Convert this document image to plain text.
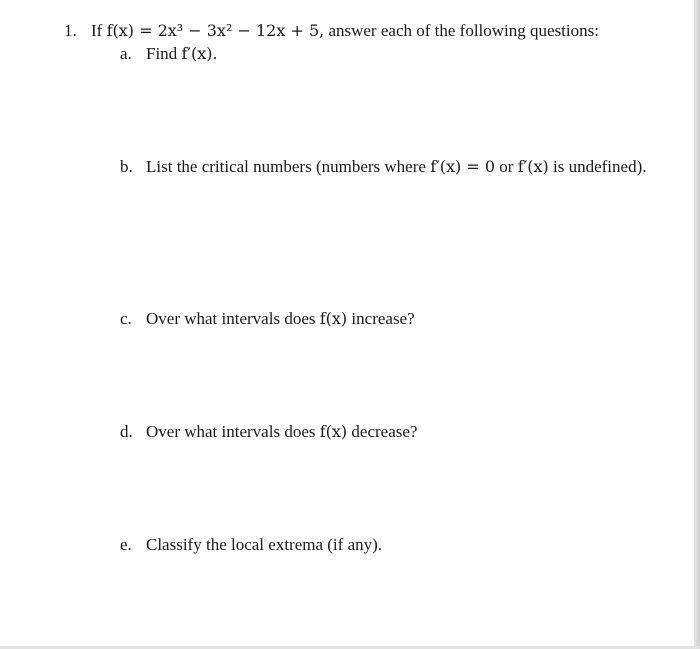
1. If f(x) = 2x³ − 3x² − 12x + 5, answer each of the following questions:
a. Find f′(x).
b. List the critical numbers (numbers where f′(x) = 0 or f′(x) is undefined).
c. Over what intervals does f(x) increase?
d. Over what intervals does f(x) decrease?
e. Classify the local extrema (if any).
